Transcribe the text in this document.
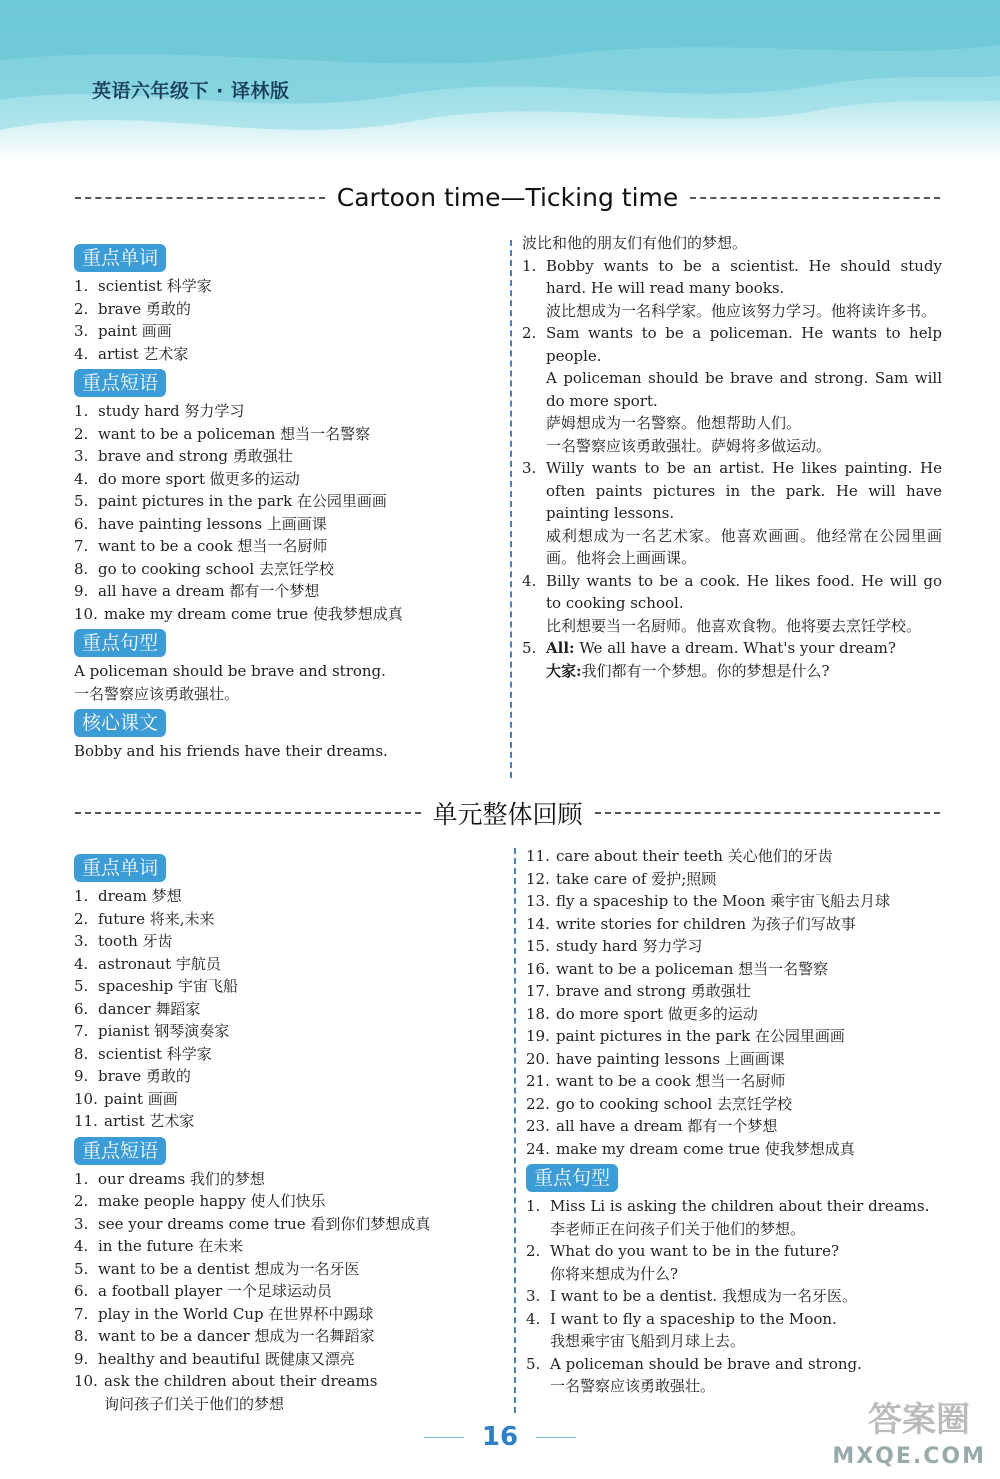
英语六年级下 · 译林版
Cartoon time—Ticking time
重点单词
1. scientist 科学家
2. brave 勇敢的
3. paint 画画
4. artist 艺术家
重点短语
1. study hard 努力学习
2. want to be a policeman 想当一名警察
3. brave and strong 勇敢强壮
4. do more sport 做更多的运动
5. paint pictures in the park 在公园里画画
6. have painting lessons 上画画课
7. want to be a cook 想当一名厨师
8. go to cooking school 去烹饪学校
9. all have a dream 都有一个梦想
10. make my dream come true 使我梦想成真
重点句型
A policeman should be brave and strong.
一名警察应该勇敢强壮。
核心课文
Bobby and his friends have their dreams.
波比和他的朋友们有他们的梦想。
1. Bobby wants to be a scientist. He should study hard. He will read many books.
波比想成为一名科学家。他应该努力学习。他将读许多书。
2. Sam wants to be a policeman. He wants to help people.
A policeman should be brave and strong. Sam will do more sport.
萨姆想成为一名警察。他想帮助人们。
一名警察应该勇敢强壮。萨姆将多做运动。
3. Willy wants to be an artist. He likes painting. He often paints pictures in the park. He will have painting lessons.
威利想成为一名艺术家。他喜欢画画。他经常在公园里画画。他将会上画画课。
4. Billy wants to be a cook. He likes food. He will go to cooking school.
比利想要当一名厨师。他喜欢食物。他将要去烹饪学校。
5. All: We all have a dream. What's your dream?
大家:我们都有一个梦想。你的梦想是什么?
单元整体回顾
重点单词
1. dream 梦想
2. future 将来,未来
3. tooth 牙齿
4. astronaut 宇航员
5. spaceship 宇宙飞船
6. dancer 舞蹈家
7. pianist 钢琴演奏家
8. scientist 科学家
9. brave 勇敢的
10. paint 画画
11. artist 艺术家
重点短语
1. our dreams 我们的梦想
2. make people happy 使人们快乐
3. see your dreams come true 看到你们梦想成真
4. in the future 在未来
5. want to be a dentist 想成为一名牙医
6. a football player 一个足球运动员
7. play in the World Cup 在世界杯中踢球
8. want to be a dancer 想成为一名舞蹈家
9. healthy and beautiful 既健康又漂亮
10. ask the children about their dreams
询问孩子们关于他们的梦想
11. care about their teeth 关心他们的牙齿
12. take care of 爱护;照顾
13. fly a spaceship to the Moon 乘宇宙飞船去月球
14. write stories for children 为孩子们写故事
15. study hard 努力学习
16. want to be a policeman 想当一名警察
17. brave and strong 勇敢强壮
18. do more sport 做更多的运动
19. paint pictures in the park 在公园里画画
20. have painting lessons 上画画课
21. want to be a cook 想当一名厨师
22. go to cooking school 去烹饪学校
23. all have a dream 都有一个梦想
24. make my dream come true 使我梦想成真
重点句型
1. Miss Li is asking the children about their dreams.
李老师正在问孩子们关于他们的梦想。
2. What do you want to be in the future?
你将来想成为什么?
3. I want to be a dentist. 我想成为一名牙医。
4. I want to fly a spaceship to the Moon.
我想乘宇宙飞船到月球上去。
5. A policeman should be brave and strong.
一名警察应该勇敢强壮。
16	答案圈
MXQE.COM
